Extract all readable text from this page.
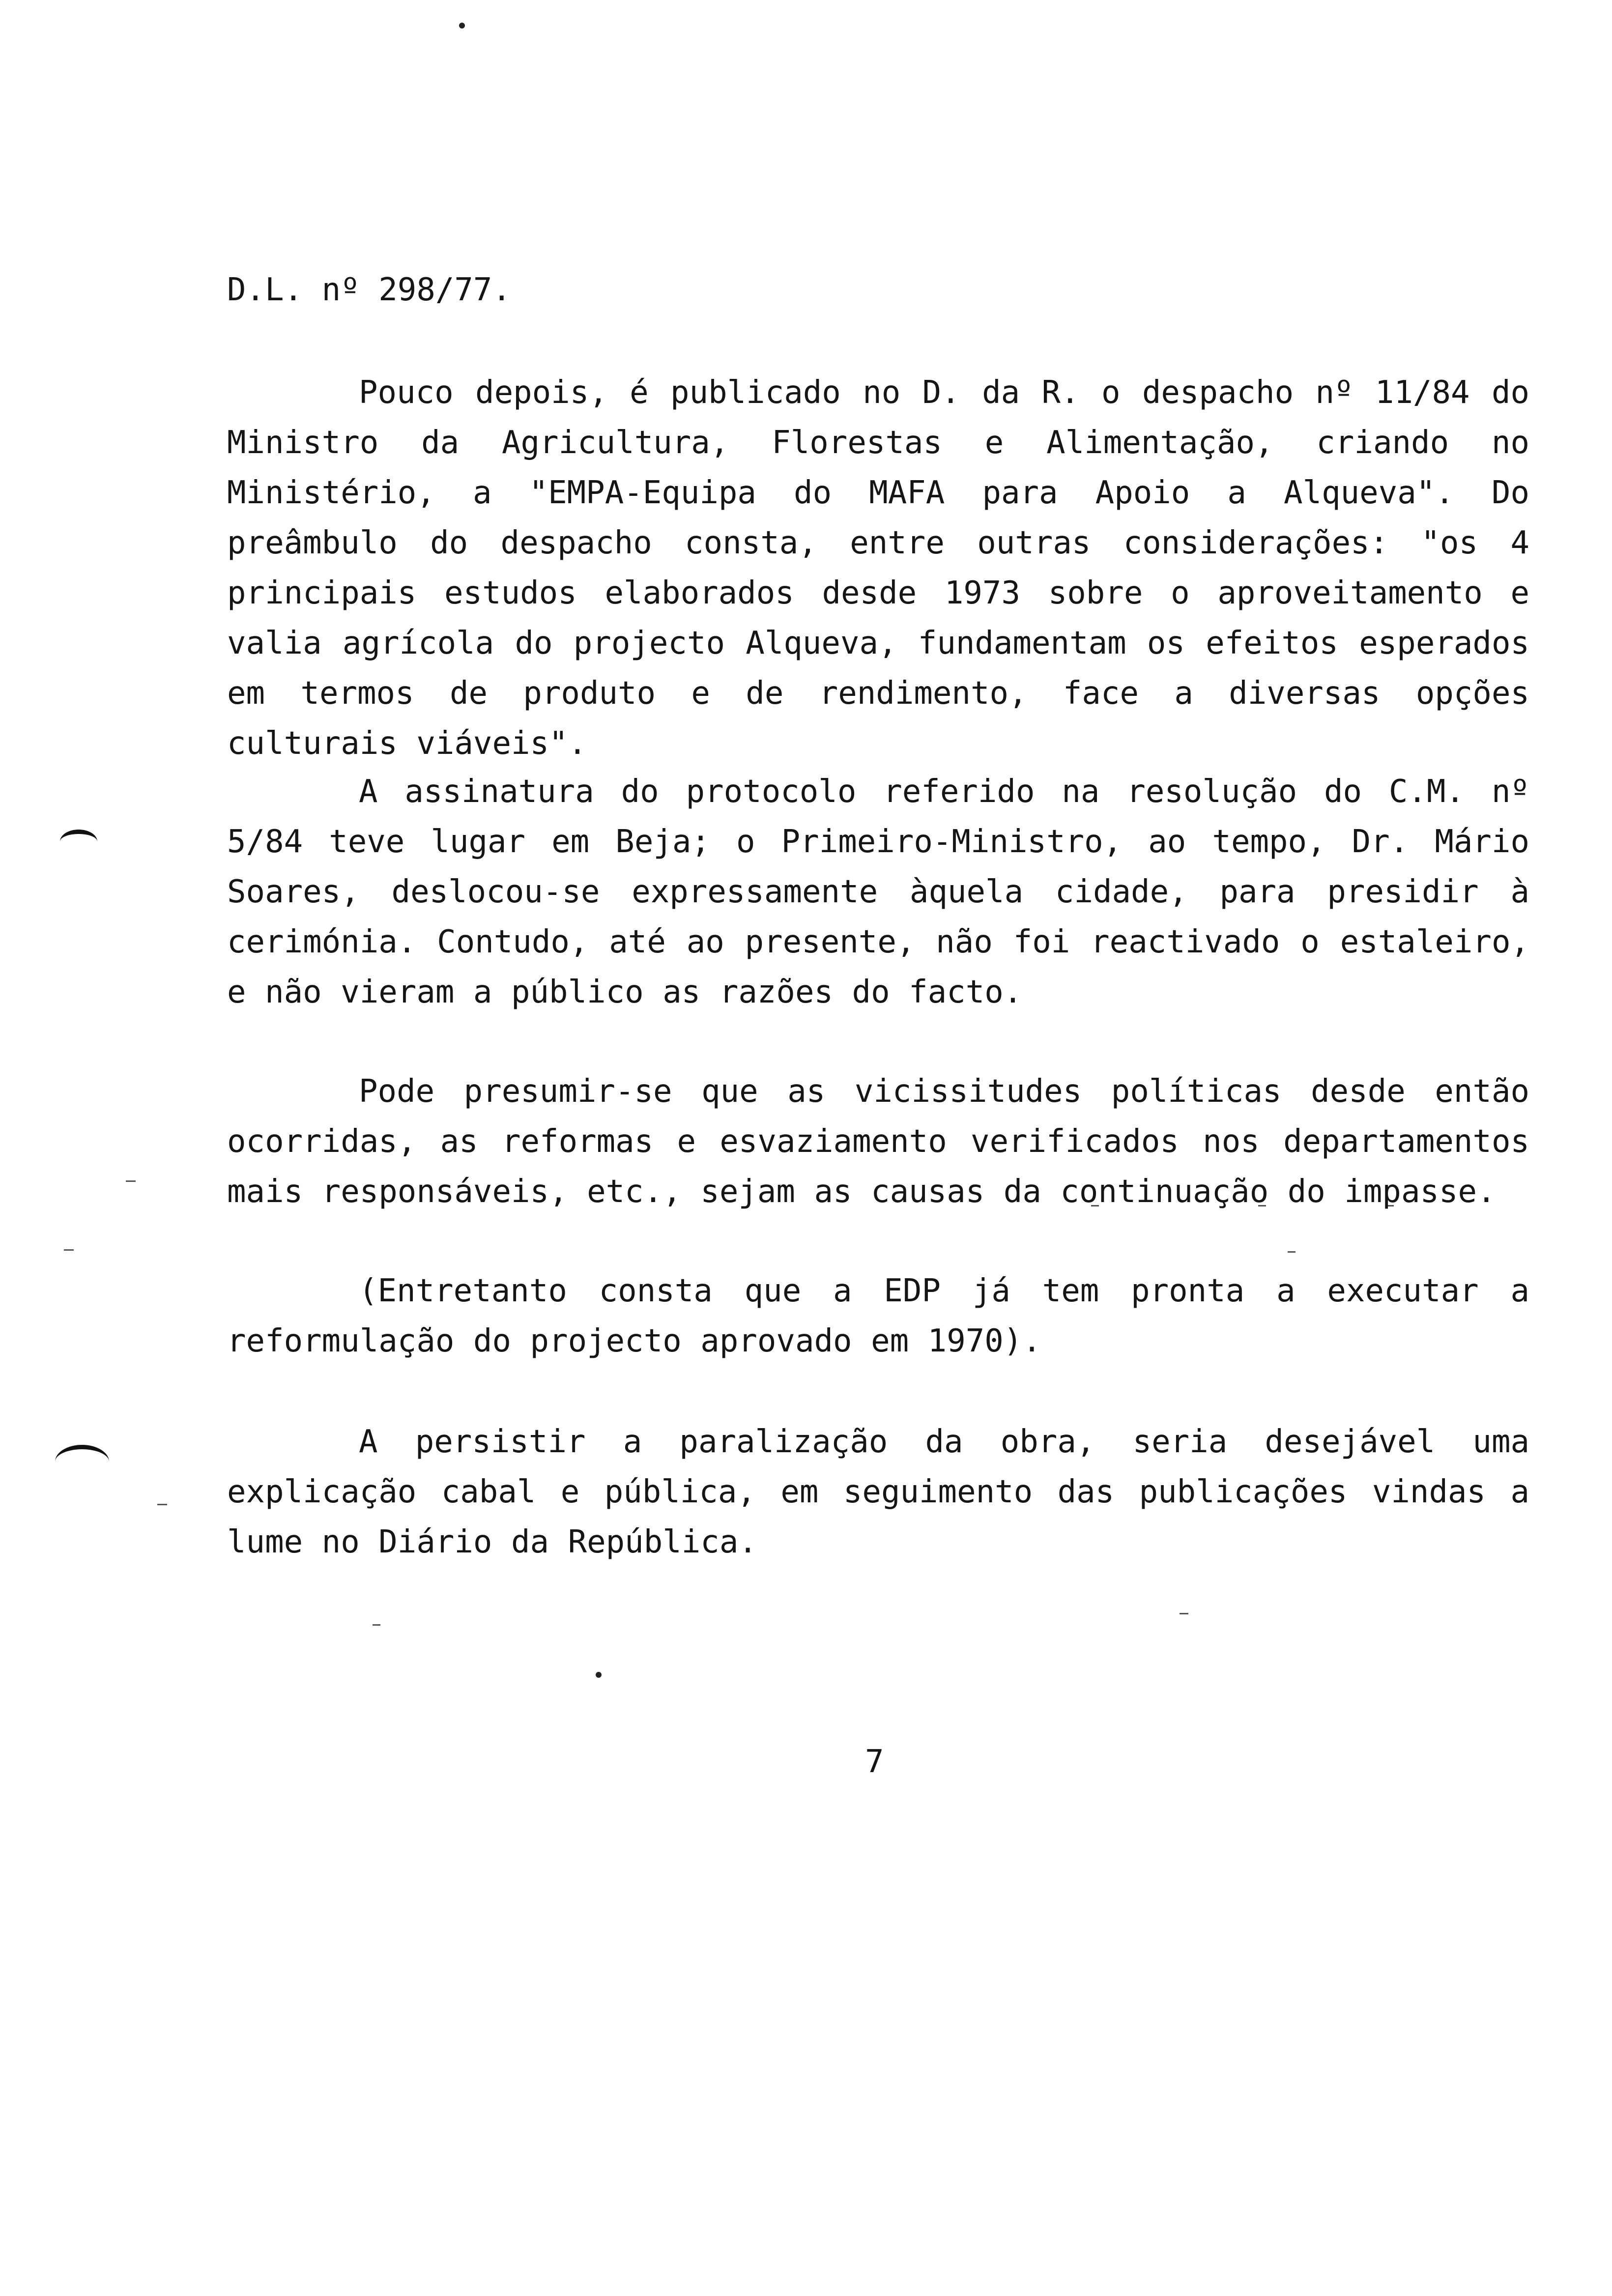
D.L. nº 298/77.

Pouco depois, é publicado no D. da R. o despacho nº 11/84 do Ministro da Agricultura, Florestas e Alimentação, criando no Ministério, a "EMPA-Equipa do MAFA para Apoio a Alqueva". Do preâmbulo do despacho consta, entre outras considerações: "os 4 principais estudos elaborados desde 1973 sobre o aproveitamento e valia agrícola do projecto Alqueva, fundamentam os efeitos esperados em termos de produto e de rendimento, face a diversas opções culturais viáveis".

A assinatura do protocolo referido na resolução do C.M. nº 5/84 teve lugar em Beja; o Primeiro-Ministro, ao tempo, Dr. Mário Soares, deslocou-se expressamente àquela cidade, para presidir à cerimónia. Contudo, até ao presente, não foi reactivado o estaleiro, e não vieram a público as razões do facto.

Pode presumir-se que as vicissitudes políticas desde então ocorridas, as reformas e esvaziamento verificados nos departamentos mais responsáveis, etc., sejam as causas da continuação do impasse.

(Entretanto consta que a EDP já tem pronta a executar a reformulação do projecto aprovado em 1970).

A persistir a paralização da obra, seria desejável uma explicação cabal e pública, em seguimento das publicações vindas a lume no Diário da República.

7
